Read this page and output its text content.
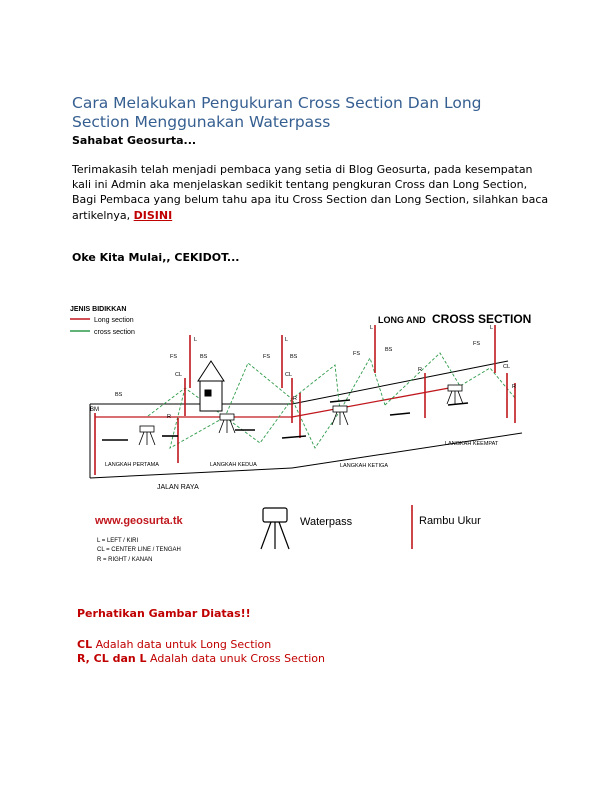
Cara Melakukan Pengukuran Cross Section Dan Long Section Menggunakan Waterpass
Sahabat Geosurta...
Terimakasih telah menjadi pembaca yang setia di Blog Geosurta, pada kesempatan kali ini Admin aka menjelaskan sedikit tentang pengkuran Cross dan Long Section, Bagi Pembaca yang belum tahu apa itu Cross Section dan Long Section, silahkan baca artikelnya, DISINI
Oke Kita Mulai,, CEKIDOT...
JENIS BIDIKKAN
Long section
cross section
LONG AND CROSS SECTION
BM
BS
CL
L
FS	BS
R
L
FS	BS
CL
R
L
FS
BS
R
L
FS
CL
R
LANGKAH PERTAMA	LANGKAH KEDUA	LANGKAH KETIGA
LANGKAH KEEMPAT
JALAN RAYA
www.geosurta.tk
L = LEFT / KIRI
CL = CENTER LINE / TENGAH
R = RIGHT / KANAN
Waterpass	Rambu Ukur
Perhatikan Gambar Diatas!!
CL Adalah data untuk Long Section
R, CL dan L Adalah data unuk Cross Section
